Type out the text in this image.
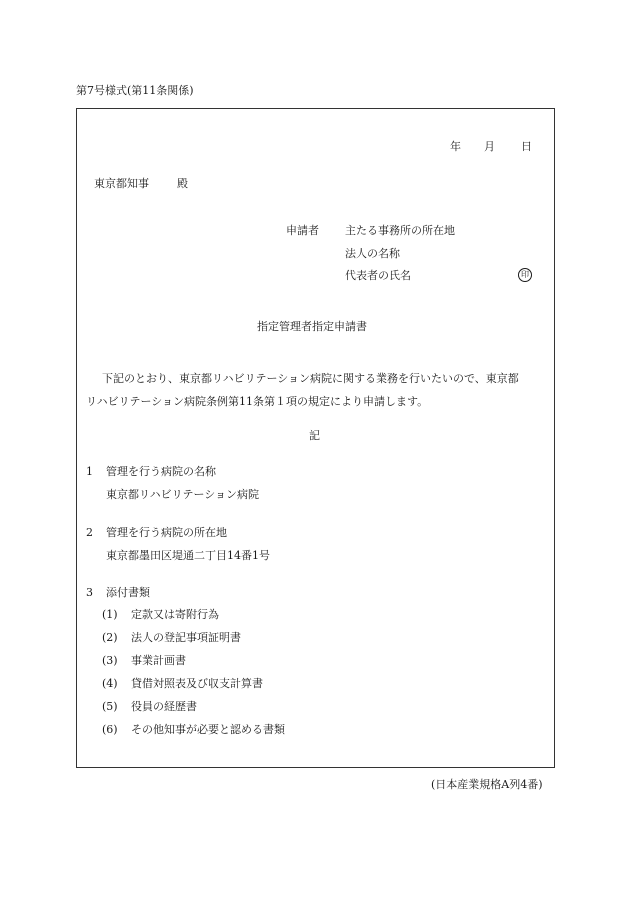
第7号様式(第11条関係)
年 月 日
東京都知事	殿
申請者 主たる事務所の所在地
法人の名称
代表者の氏名	印
指定管理者指定申請書
下記のとおり、東京都リハビリテーション病院に関する業務を行いたいので、東京都
リハビリテーション病院条例第11条第１項の規定により申請します。
記
1 管理を行う病院の名称
東京都リハビリテーション病院
2 管理を行う病院の所在地
東京都墨田区堤通二丁目14番1号
3 添付書類
(1) 定款又は寄附行為
(2) 法人の登記事項証明書
(3) 事業計画書
(4) 貸借対照表及び収支計算書
(5) 役員の経歴書
(6) その他知事が必要と認める書類
(日本産業規格A列4番)
